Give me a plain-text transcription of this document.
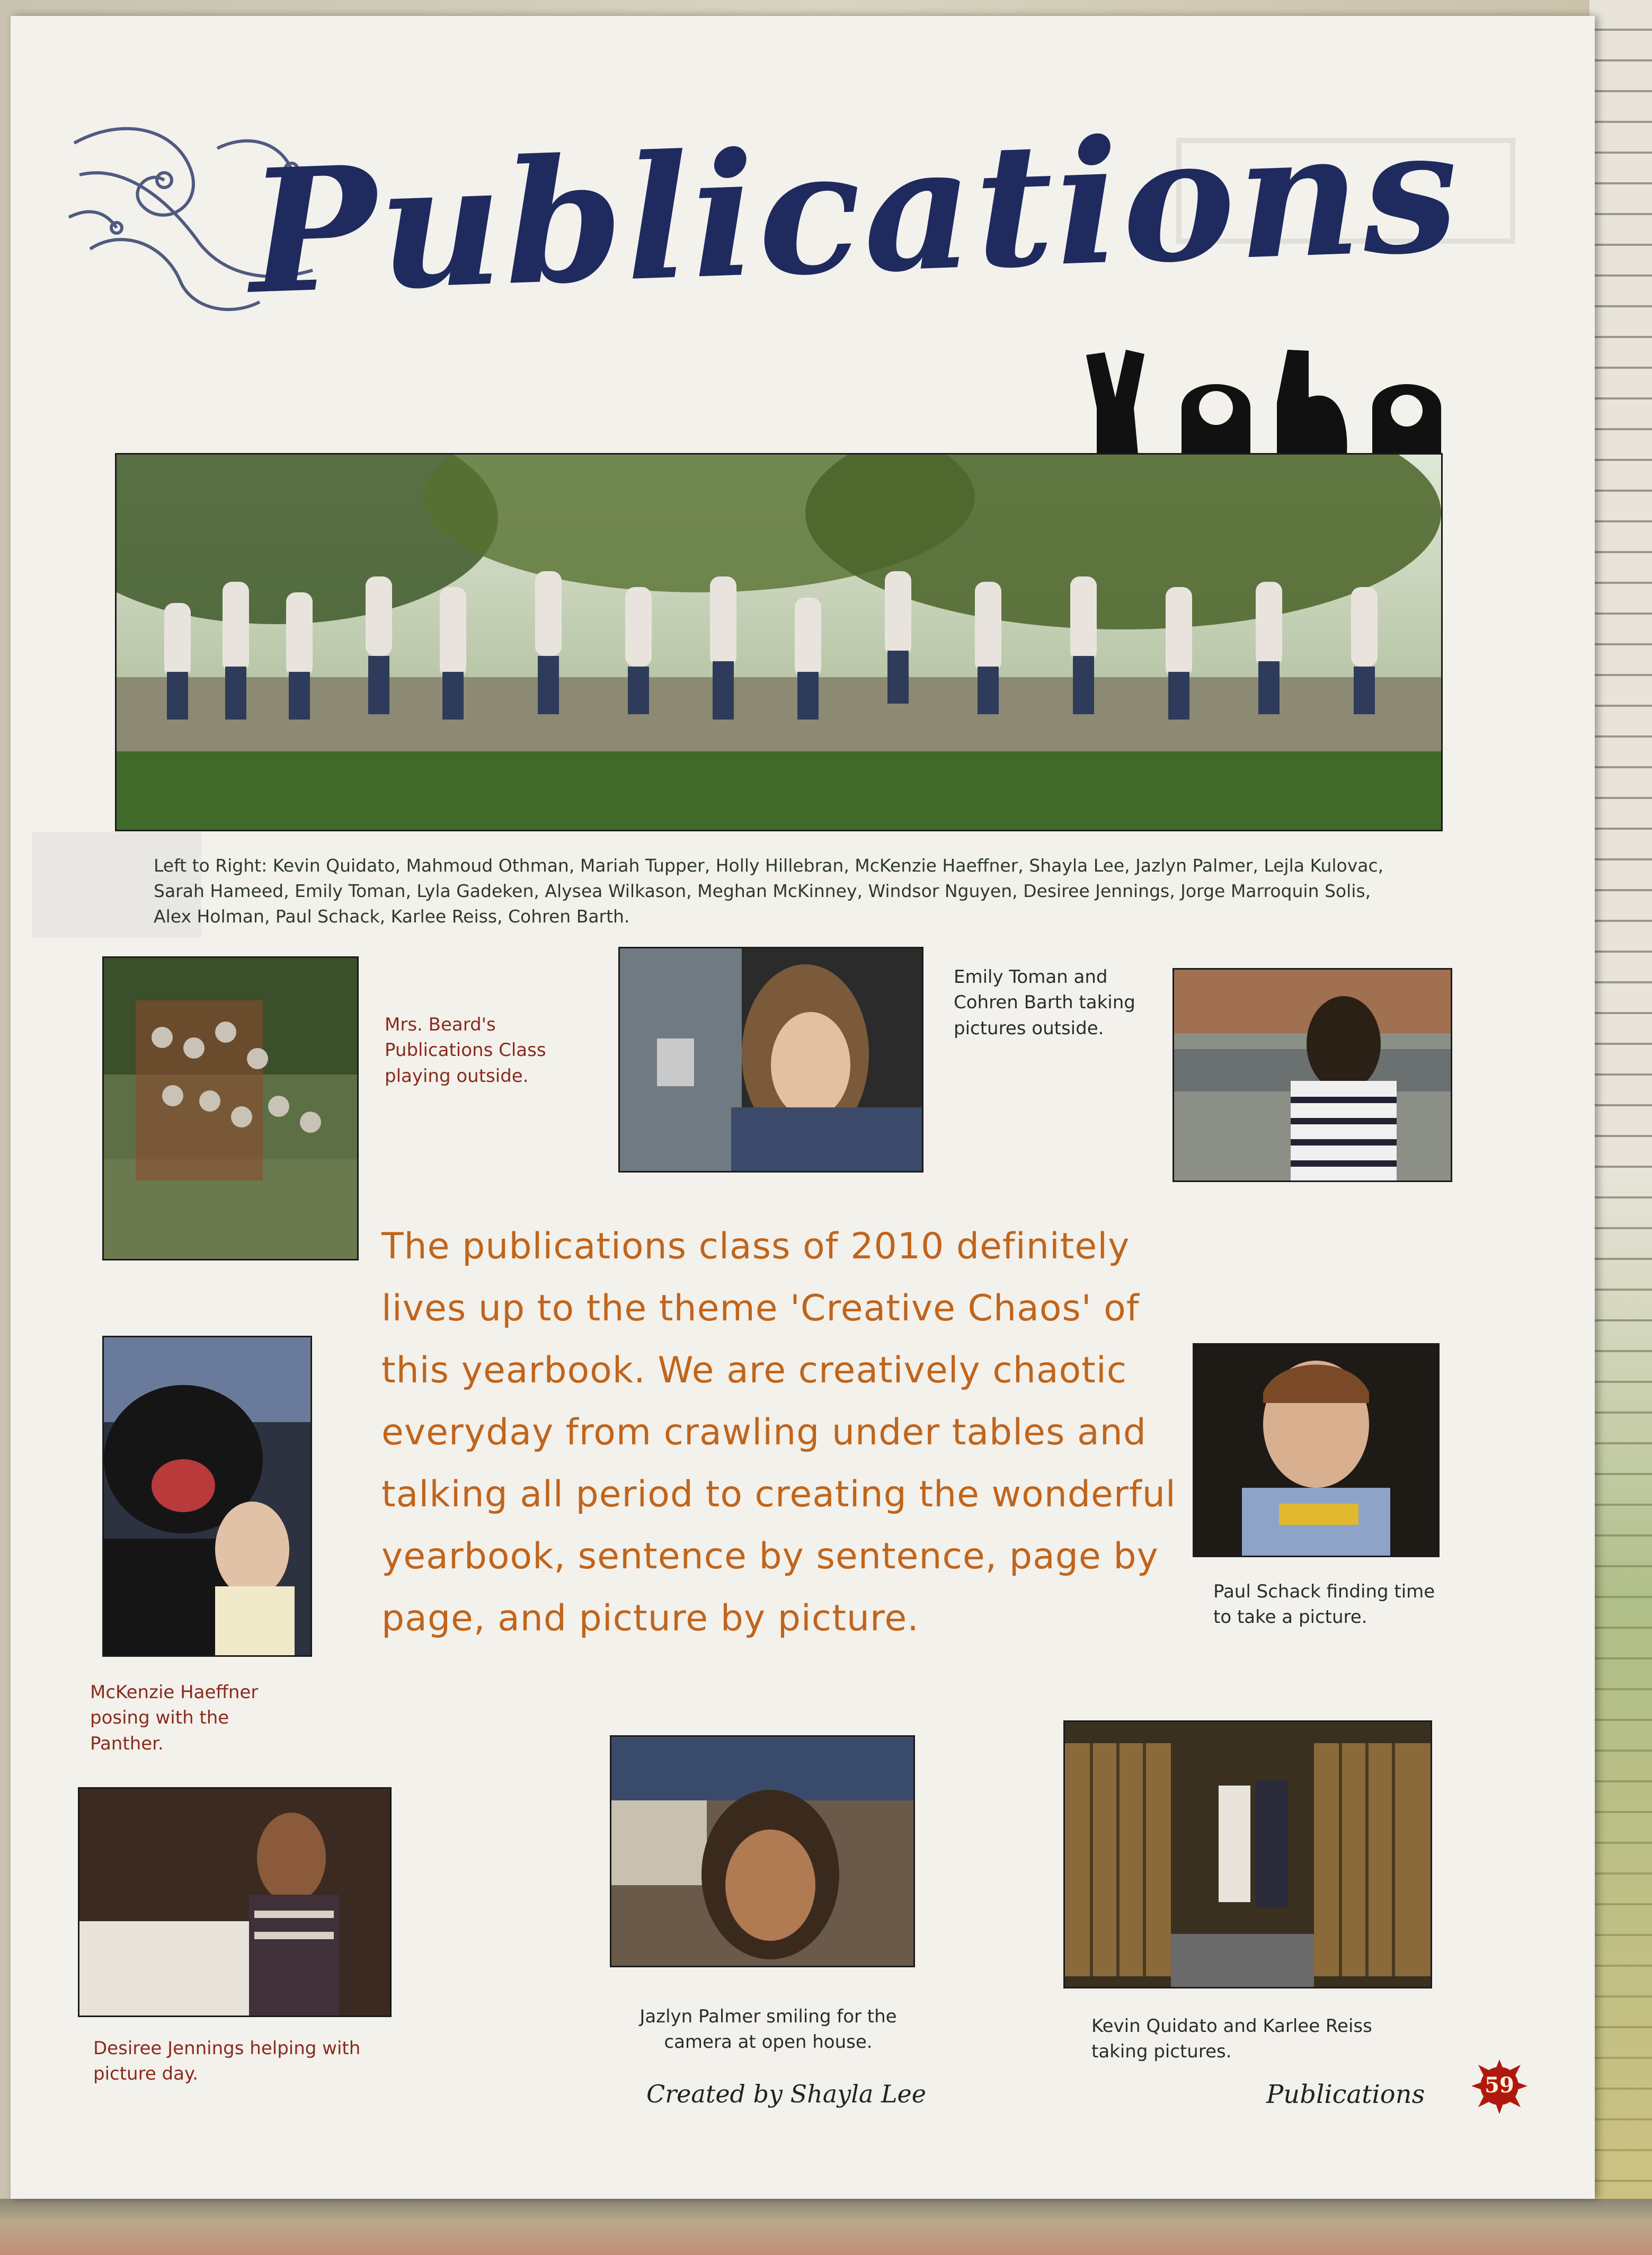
Publications
Left to Right: Kevin Quidato, Mahmoud Othman, Mariah Tupper, Holly Hillebran, McKenzie Haeffner, Shayla Lee, Jazlyn Palmer, Lejla Kulovac, Sarah Hameed, Emily Toman, Lyla Gadeken, Alysea Wilkason, Meghan McKinney, Windsor Nguyen, Desiree Jennings, Jorge Marroquin Solis, Alex Holman, Paul Schack, Karlee Reiss, Cohren Barth.
Mrs. Beard's Publications Class playing outside.
Emily Toman and Cohren Barth taking pictures outside.
McKenzie Haeffner posing with the Panther.
The publications class of 2010 definitely lives up to the theme 'Creative Chaos' of this yearbook. We are creatively chaotic everyday from crawling under tables and talking all period to creating the wonderful yearbook, sentence by sentence, page by page, and picture by picture.
Paul Schack finding time to take a picture.
Desiree Jennings helping with picture day.
Jazlyn Palmer smiling for the camera at open house.
Kevin Quidato and Karlee Reiss taking pictures.
Created by Shayla Lee	Publications	59
